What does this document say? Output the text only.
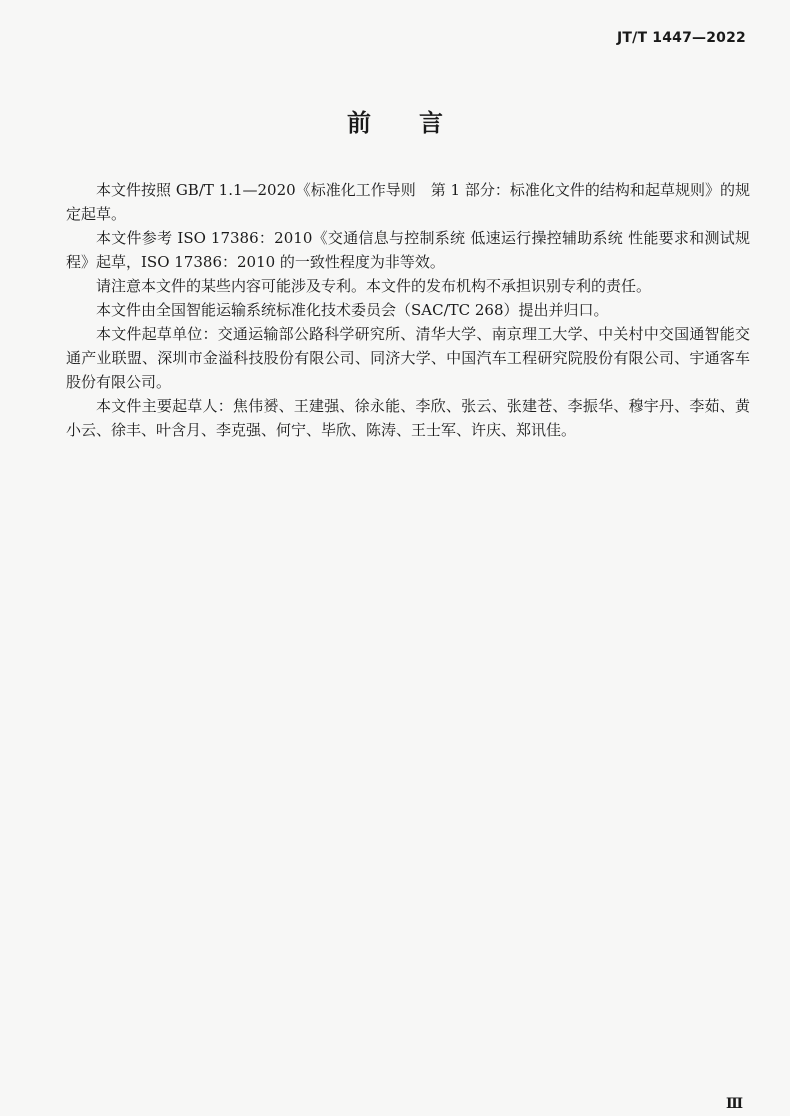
JT/T 1447—2022
前 言

本文件按照 GB/T 1.1—2020《标准化工作导则　第 1 部分：标准化文件的结构和起草规则》的规定起草。

本文件参考 ISO 17386：2010《交通信息与控制系统 低速运行操控辅助系统 性能要求和测试规程》起草，ISO 17386：2010 的一致性程度为非等效。

请注意本文件的某些内容可能涉及专利。本文件的发布机构不承担识别专利的责任。

本文件由全国智能运输系统标准化技术委员会（SAC/TC 268）提出并归口。

本文件起草单位：交通运输部公路科学研究所、清华大学、南京理工大学、中关村中交国通智能交通产业联盟、深圳市金溢科技股份有限公司、同济大学、中国汽车工程研究院股份有限公司、宇通客车股份有限公司。

本文件主要起草人：焦伟赟、王建强、徐永能、李欣、张云、张建苍、李振华、穆宇丹、李茹、黄小云、徐丰、叶含月、李克强、何宁、毕欣、陈涛、王士军、许庆、郑讯佳。

Ⅲ
